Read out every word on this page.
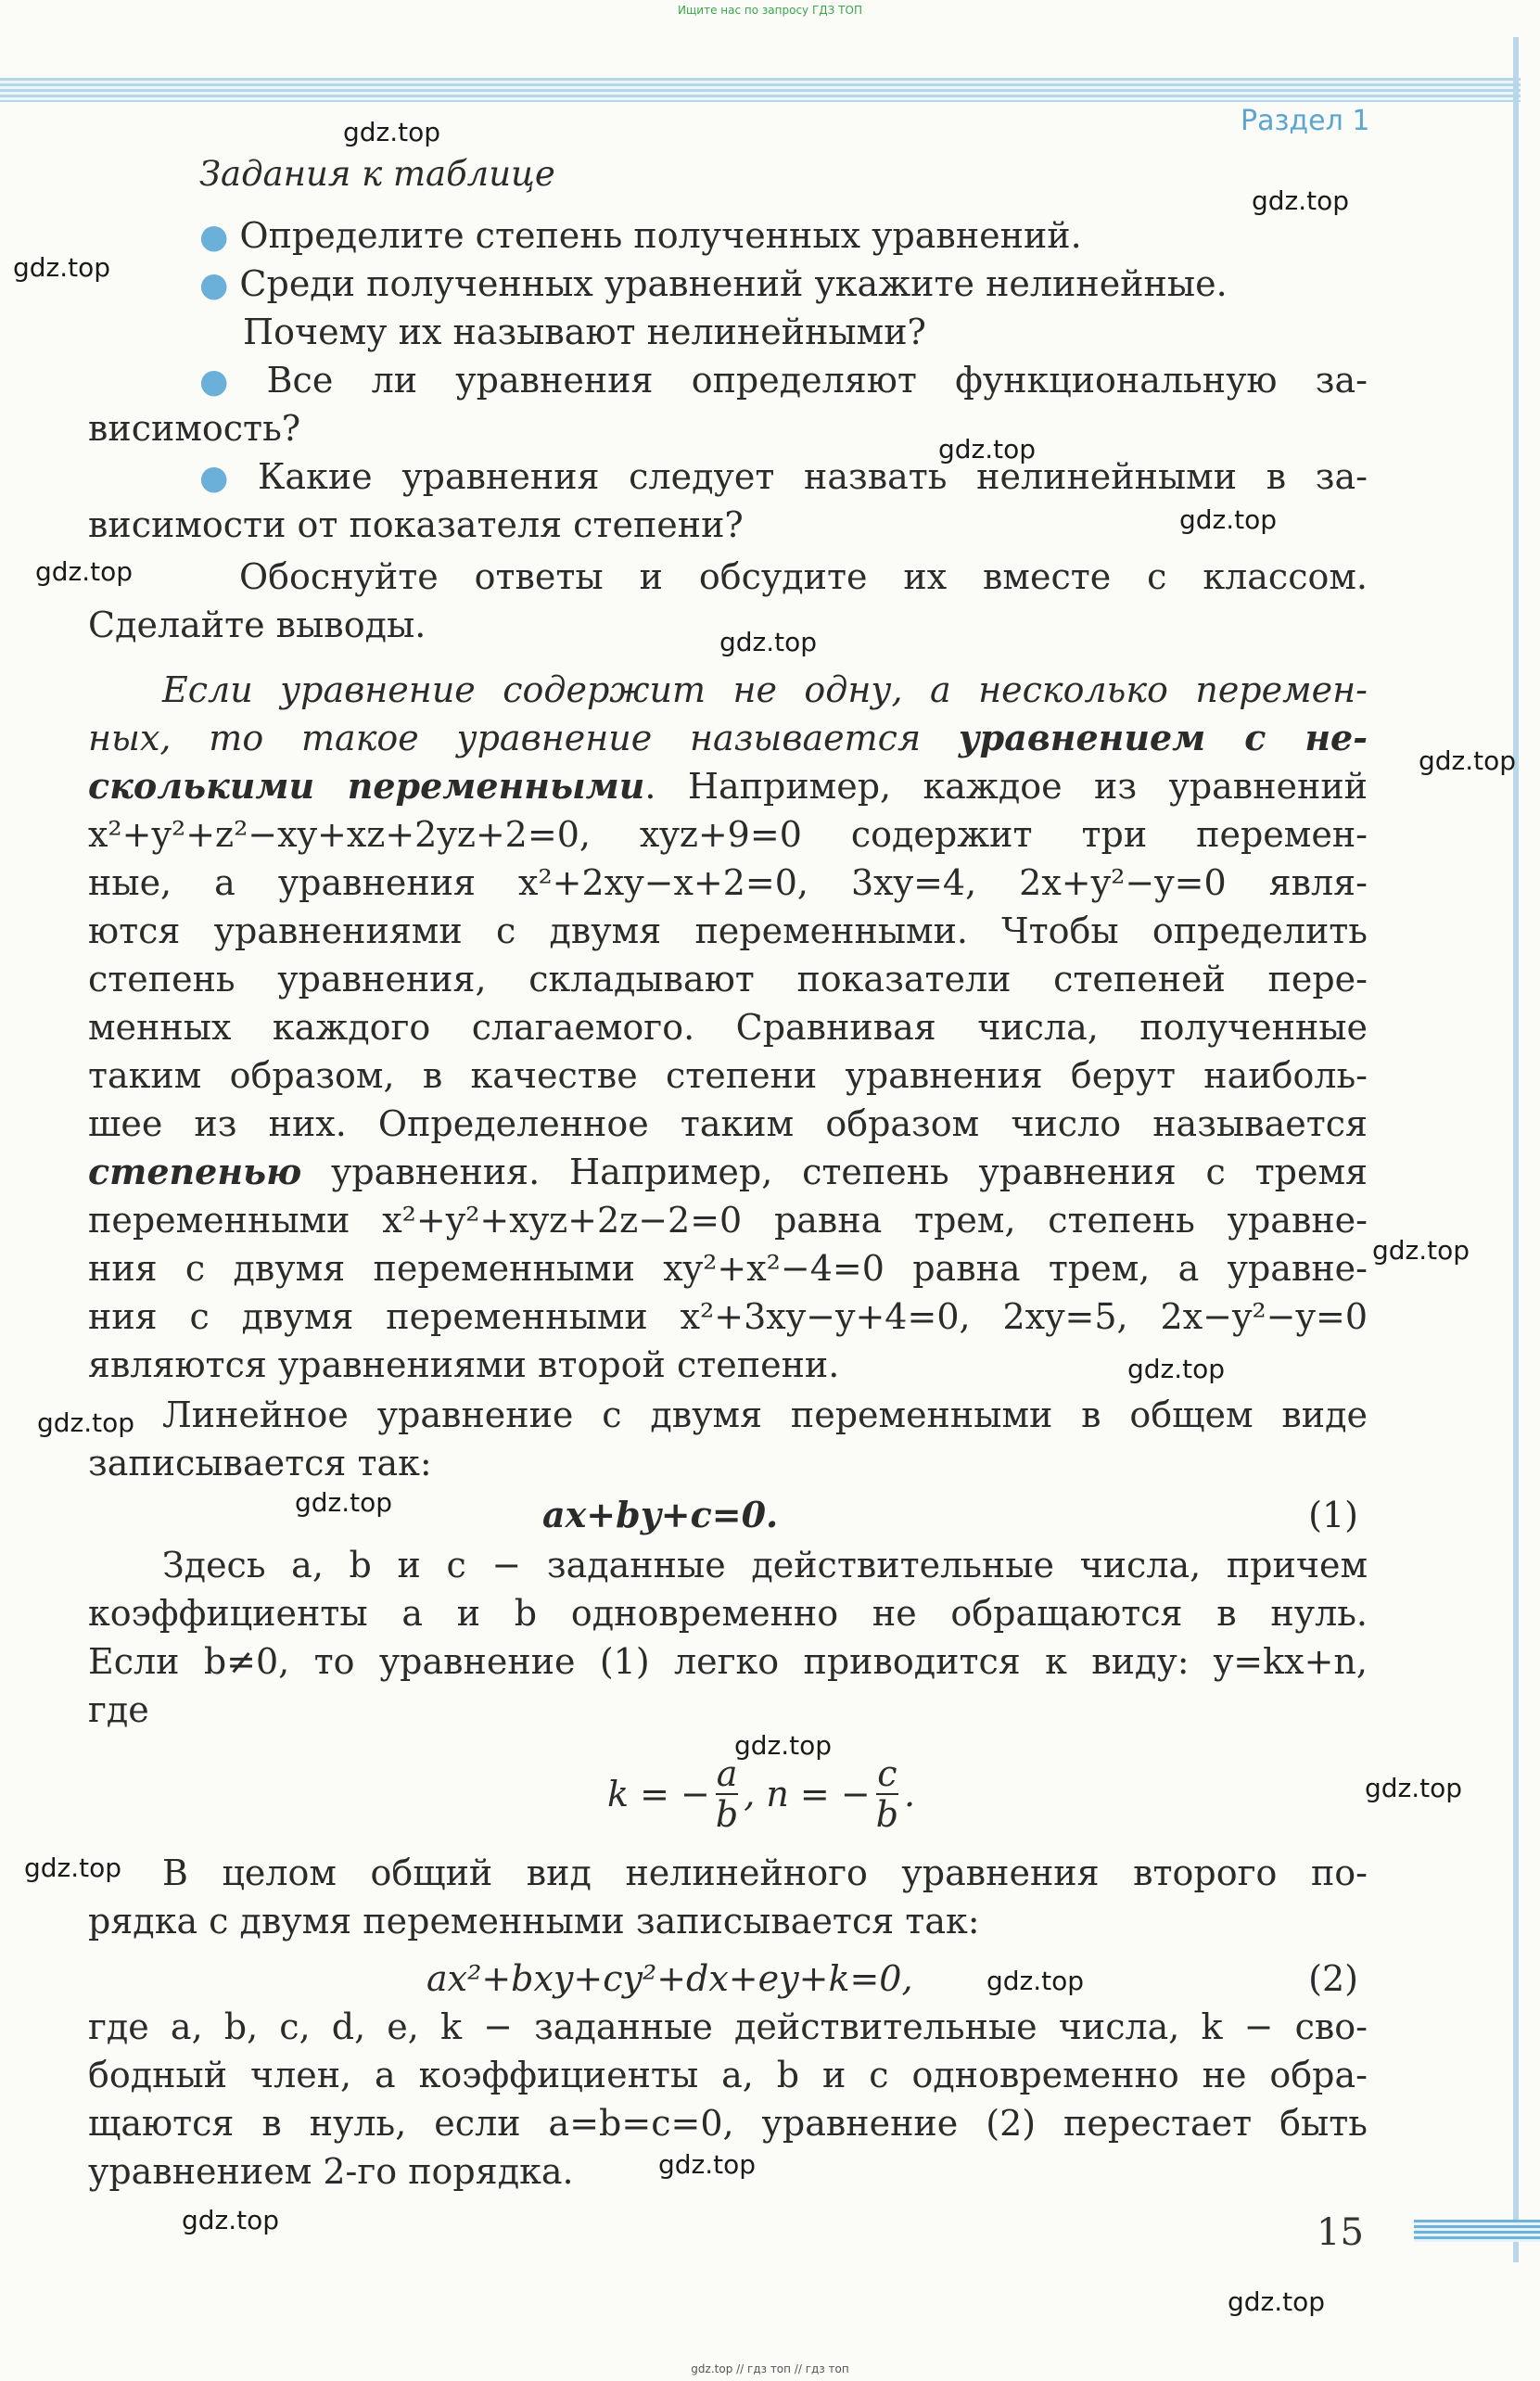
Ищите нас по запросу ГДЗ ТОП
Раздел 1
Задания к таблице
● Определите степень полученных уравнений.
● Среди полученных уравнений укажите нелинейные.
Почему их называют нелинейными?
● Все ли уравнения определяют функциональную за-
висимость?
● Какие уравнения следует назвать нелинейными в за-
висимости от показателя степени?
Обоснуйте ответы и обсудите их вместе с классом.
Сделайте выводы.
Если уравнение содержит не одну, а несколько перемен-
ных, то такое уравнение называется уравнением с не-
сколькими переменными. Например, каждое из уравнений
x²+y²+z²−xy+xz+2yz+2=0, xyz+9=0 содержит три перемен-
ные, а уравнения x²+2xy−x+2=0, 3xy=4, 2x+y²−y=0 явля-
ются уравнениями с двумя переменными. Чтобы определить
степень уравнения, складывают показатели степеней пере-
менных каждого слагаемого. Сравнивая числа, полученные
таким образом, в качестве степени уравнения берут наиболь-
шее из них. Определенное таким образом число называется
степенью уравнения. Например, степень уравнения с тремя
переменными x²+y²+xyz+2z−2=0 равна трем, степень уравне-
ния с двумя переменными xy²+x²−4=0 равна трем, а уравне-
ния с двумя переменными x²+3xy−y+4=0, 2xy=5, 2x−y²−y=0
являются уравнениями второй степени.
Линейное уравнение с двумя переменными в общем виде
записывается так:
ax+by+c=0.	(1)
Здесь a, b и c − заданные действительные числа, причем
коэффициенты a и b одновременно не обращаются в нуль.
Если b≠0, то уравнение (1) легко приводится к виду: y=kx+n,
где
k = − $\frac{a}{b}$ , n = − $\frac{c}{b}$ .
В целом общий вид нелинейного уравнения второго по-
рядка с двумя переменными записывается так:
ax²+bxy+cy²+dx+ey+k=0,	(2)
где a, b, c, d, e, k − заданные действительные числа, k − сво-
бодный член, а коэффициенты a, b и c одновременно не обра-
щаются в нуль, если a=b=c=0, уравнение (2) перестает быть
уравнением 2-го порядка.
15
gdz.top // гдз топ // гдз топ
gdz.top
gdz.top
gdz.top
gdz.top
gdz.top
gdz.top
gdz.top
gdz.top
gdz.top
gdz.top
gdz.top
gdz.top
gdz.top
gdz.top
gdz.top
gdz.top
gdz.top
gdz.top
gdz.top
